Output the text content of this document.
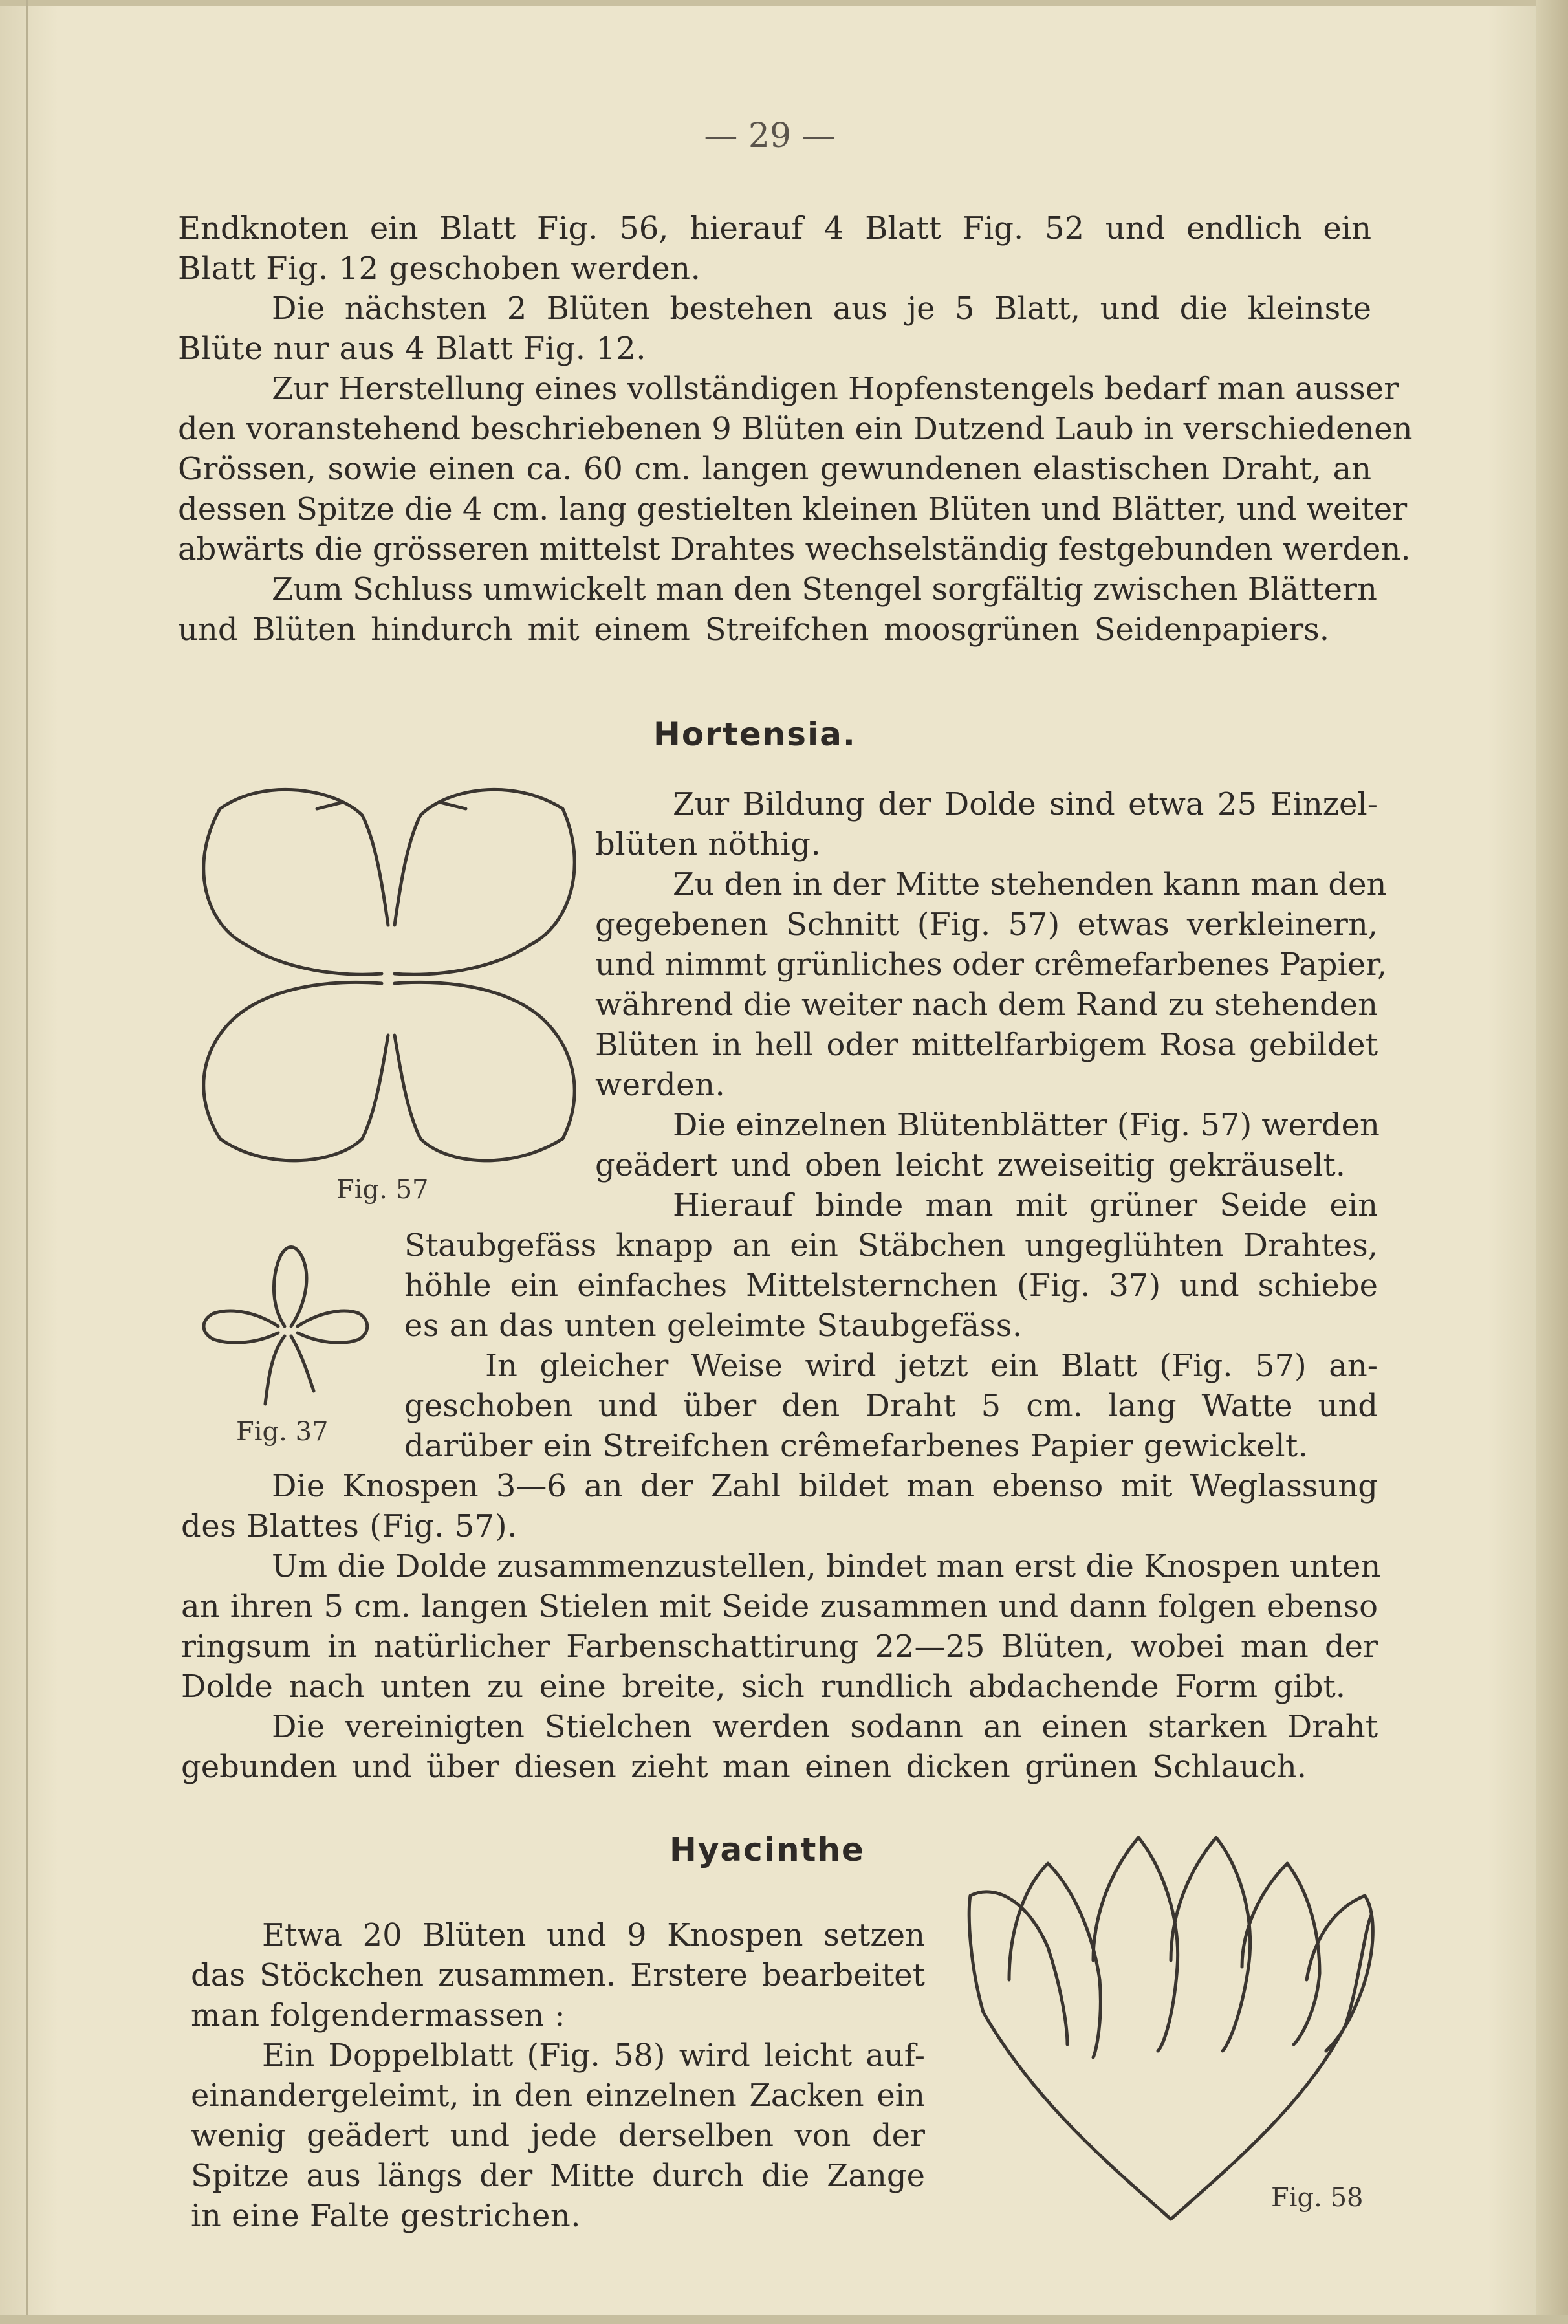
— 29 —
Endknoten ein Blatt Fig. 56, hierauf 4 Blatt Fig. 52 und endlich ein
Blatt Fig. 12 geschoben werden.
Die nächsten 2 Blüten bestehen aus je 5 Blatt, und die kleinste
Blüte nur aus 4 Blatt Fig. 12.
Zur Herstellung eines vollständigen Hopfenstengels bedarf man ausser
den voranstehend beschriebenen 9 Blüten ein Dutzend Laub in verschiedenen
Grössen, sowie einen ca. 60 cm. langen gewundenen elastischen Draht, an
dessen Spitze die 4 cm. lang gestielten kleinen Blüten und Blätter, und weiter
abwärts die grösseren mittelst Drahtes wechselständig festgebunden werden.
Zum Schluss umwickelt man den Stengel sorgfältig zwischen Blättern
und Blüten hindurch mit einem Streifchen moosgrünen Seidenpapiers.
Hortensia.
Fig. 57
Zur Bildung der Dolde sind etwa 25 Einzel-
blüten nöthig.
Zu den in der Mitte stehenden kann man den
gegebenen Schnitt (Fig. 57) etwas verkleinern,
und nimmt grünliches oder crêmefarbenes Papier,
während die weiter nach dem Rand zu stehenden
Blüten in hell oder mittelfarbigem Rosa gebildet
werden.
Die einzelnen Blütenblätter (Fig. 57) werden
geädert und oben leicht zweiseitig gekräuselt.
Hierauf binde man mit grüner Seide ein
Fig. 37
Staubgefäss knapp an ein Stäbchen ungeglühten Drahtes,
höhle ein einfaches Mittelsternchen (Fig. 37) und schiebe
es an das unten geleimte Staubgefäss.
In gleicher Weise wird jetzt ein Blatt (Fig. 57) an-
geschoben und über den Draht 5 cm. lang Watte und
darüber ein Streifchen crêmefarbenes Papier gewickelt.
Die Knospen 3—6 an der Zahl bildet man ebenso mit Weglassung
des Blattes (Fig. 57).
Um die Dolde zusammenzustellen, bindet man erst die Knospen unten
an ihren 5 cm. langen Stielen mit Seide zusammen und dann folgen ebenso
ringsum in natürlicher Farbenschattirung 22—25 Blüten, wobei man der
Dolde nach unten zu eine breite, sich rundlich abdachende Form gibt.
Die vereinigten Stielchen werden sodann an einen starken Draht
gebunden und über diesen zieht man einen dicken grünen Schlauch.
Hyacinthe
Fig. 58
Etwa 20 Blüten und 9 Knospen setzen
das Stöckchen zusammen. Erstere bearbeitet
man folgendermassen :
Ein Doppelblatt (Fig. 58) wird leicht auf-
einandergeleimt, in den einzelnen Zacken ein
wenig geädert und jede derselben von der
Spitze aus längs der Mitte durch die Zange
in eine Falte gestrichen.
